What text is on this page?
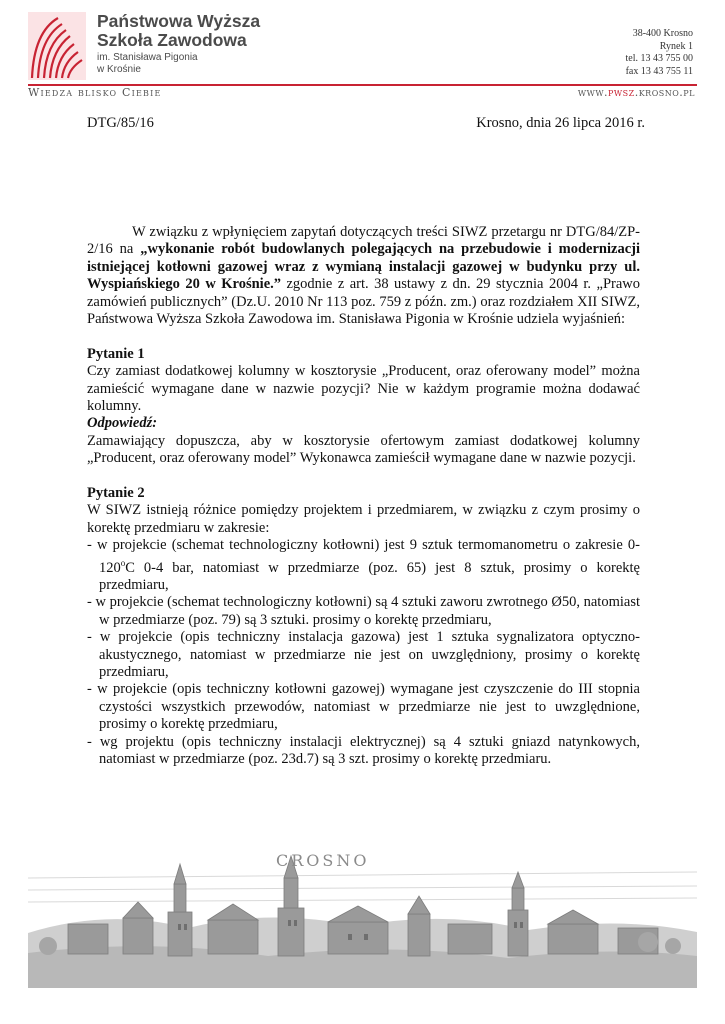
Państwowa Wyższa
Szkoła Zawodowa
im. Stanisława Pigonia
w Krośnie
38-400 Krosno
Rynek 1
tel. 13 43 755 00
fax 13 43 755 11
Wiedza blisko Ciebie	www.pwsz.krosno.pl
DTG/85/16	Krosno, dnia 26 lipca 2016 r.

W związku z wpłynięciem zapytań dotyczących treści SIWZ przetargu nr DTG/84/ZP-2/16 na „wykonanie robót budowlanych polegających na przebudowie i modernizacji istniejącej kotłowni gazowej wraz z wymianą instalacji gazowej w budynku przy ul. Wyspiańskiego 20 w Krośnie.” zgodnie z art. 38 ustawy z dn. 29 stycznia 2004 r. „Prawo zamówień publicznych” (Dz.U. 2010 Nr 113 poz. 759 z późn. zm.) oraz rozdziałem XII SIWZ, Państwowa Wyższa Szkoła Zawodowa im. Stanisława Pigonia w Krośnie udziela wyjaśnień:

Pytanie 1

Czy zamiast dodatkowej kolumny w kosztorysie „Producent, oraz oferowany model” można zamieścić wymagane dane w nazwie pozycji? Nie w każdym programie można dodawać kolumny.

Odpowiedź:

Zamawiający dopuszcza, aby w kosztorysie ofertowym zamiast dodatkowej kolumny „Producent, oraz oferowany model” Wykonawca zamieścił wymagane dane w nazwie pozycji.

Pytanie 2

W SIWZ istnieją różnice pomiędzy projektem i przedmiarem, w związku z czym prosimy o korektę przedmiaru w zakresie:

- w projekcie (schemat technologiczny kotłowni) jest 9 sztuk termomanometru o zakresie 0-120$^o$C 0-4 bar, natomiast w przedmiarze (poz. 65) jest 8 sztuk, prosimy o korektę przedmiaru,

- w projekcie (schemat technologiczny kotłowni) są 4 sztuki zaworu zwrotnego Ø50, natomiast w przedmiarze (poz. 79) są 3 sztuki. prosimy o korektę przedmiaru,

- w projekcie (opis techniczny instalacja gazowa) jest 1 sztuka sygnalizatora optyczno-akustycznego, natomiast w przedmiarze nie jest on uwzględniony, prosimy o korektę przedmiaru,

- w projekcie (opis techniczny kotłowni gazowej) wymagane jest czyszczenie do III stopnia czystości wszystkich przewodów, natomiast w przedmiarze nie jest to uwzględnione, prosimy o korektę przedmiaru,

- wg projektu (opis techniczny instalacji elektrycznej) są 4 sztuki gniazd natynkowych, natomiast w przedmiarze (poz. 23d.7) są 3 szt. prosimy o korektę przedmiaru.

CROSNO
